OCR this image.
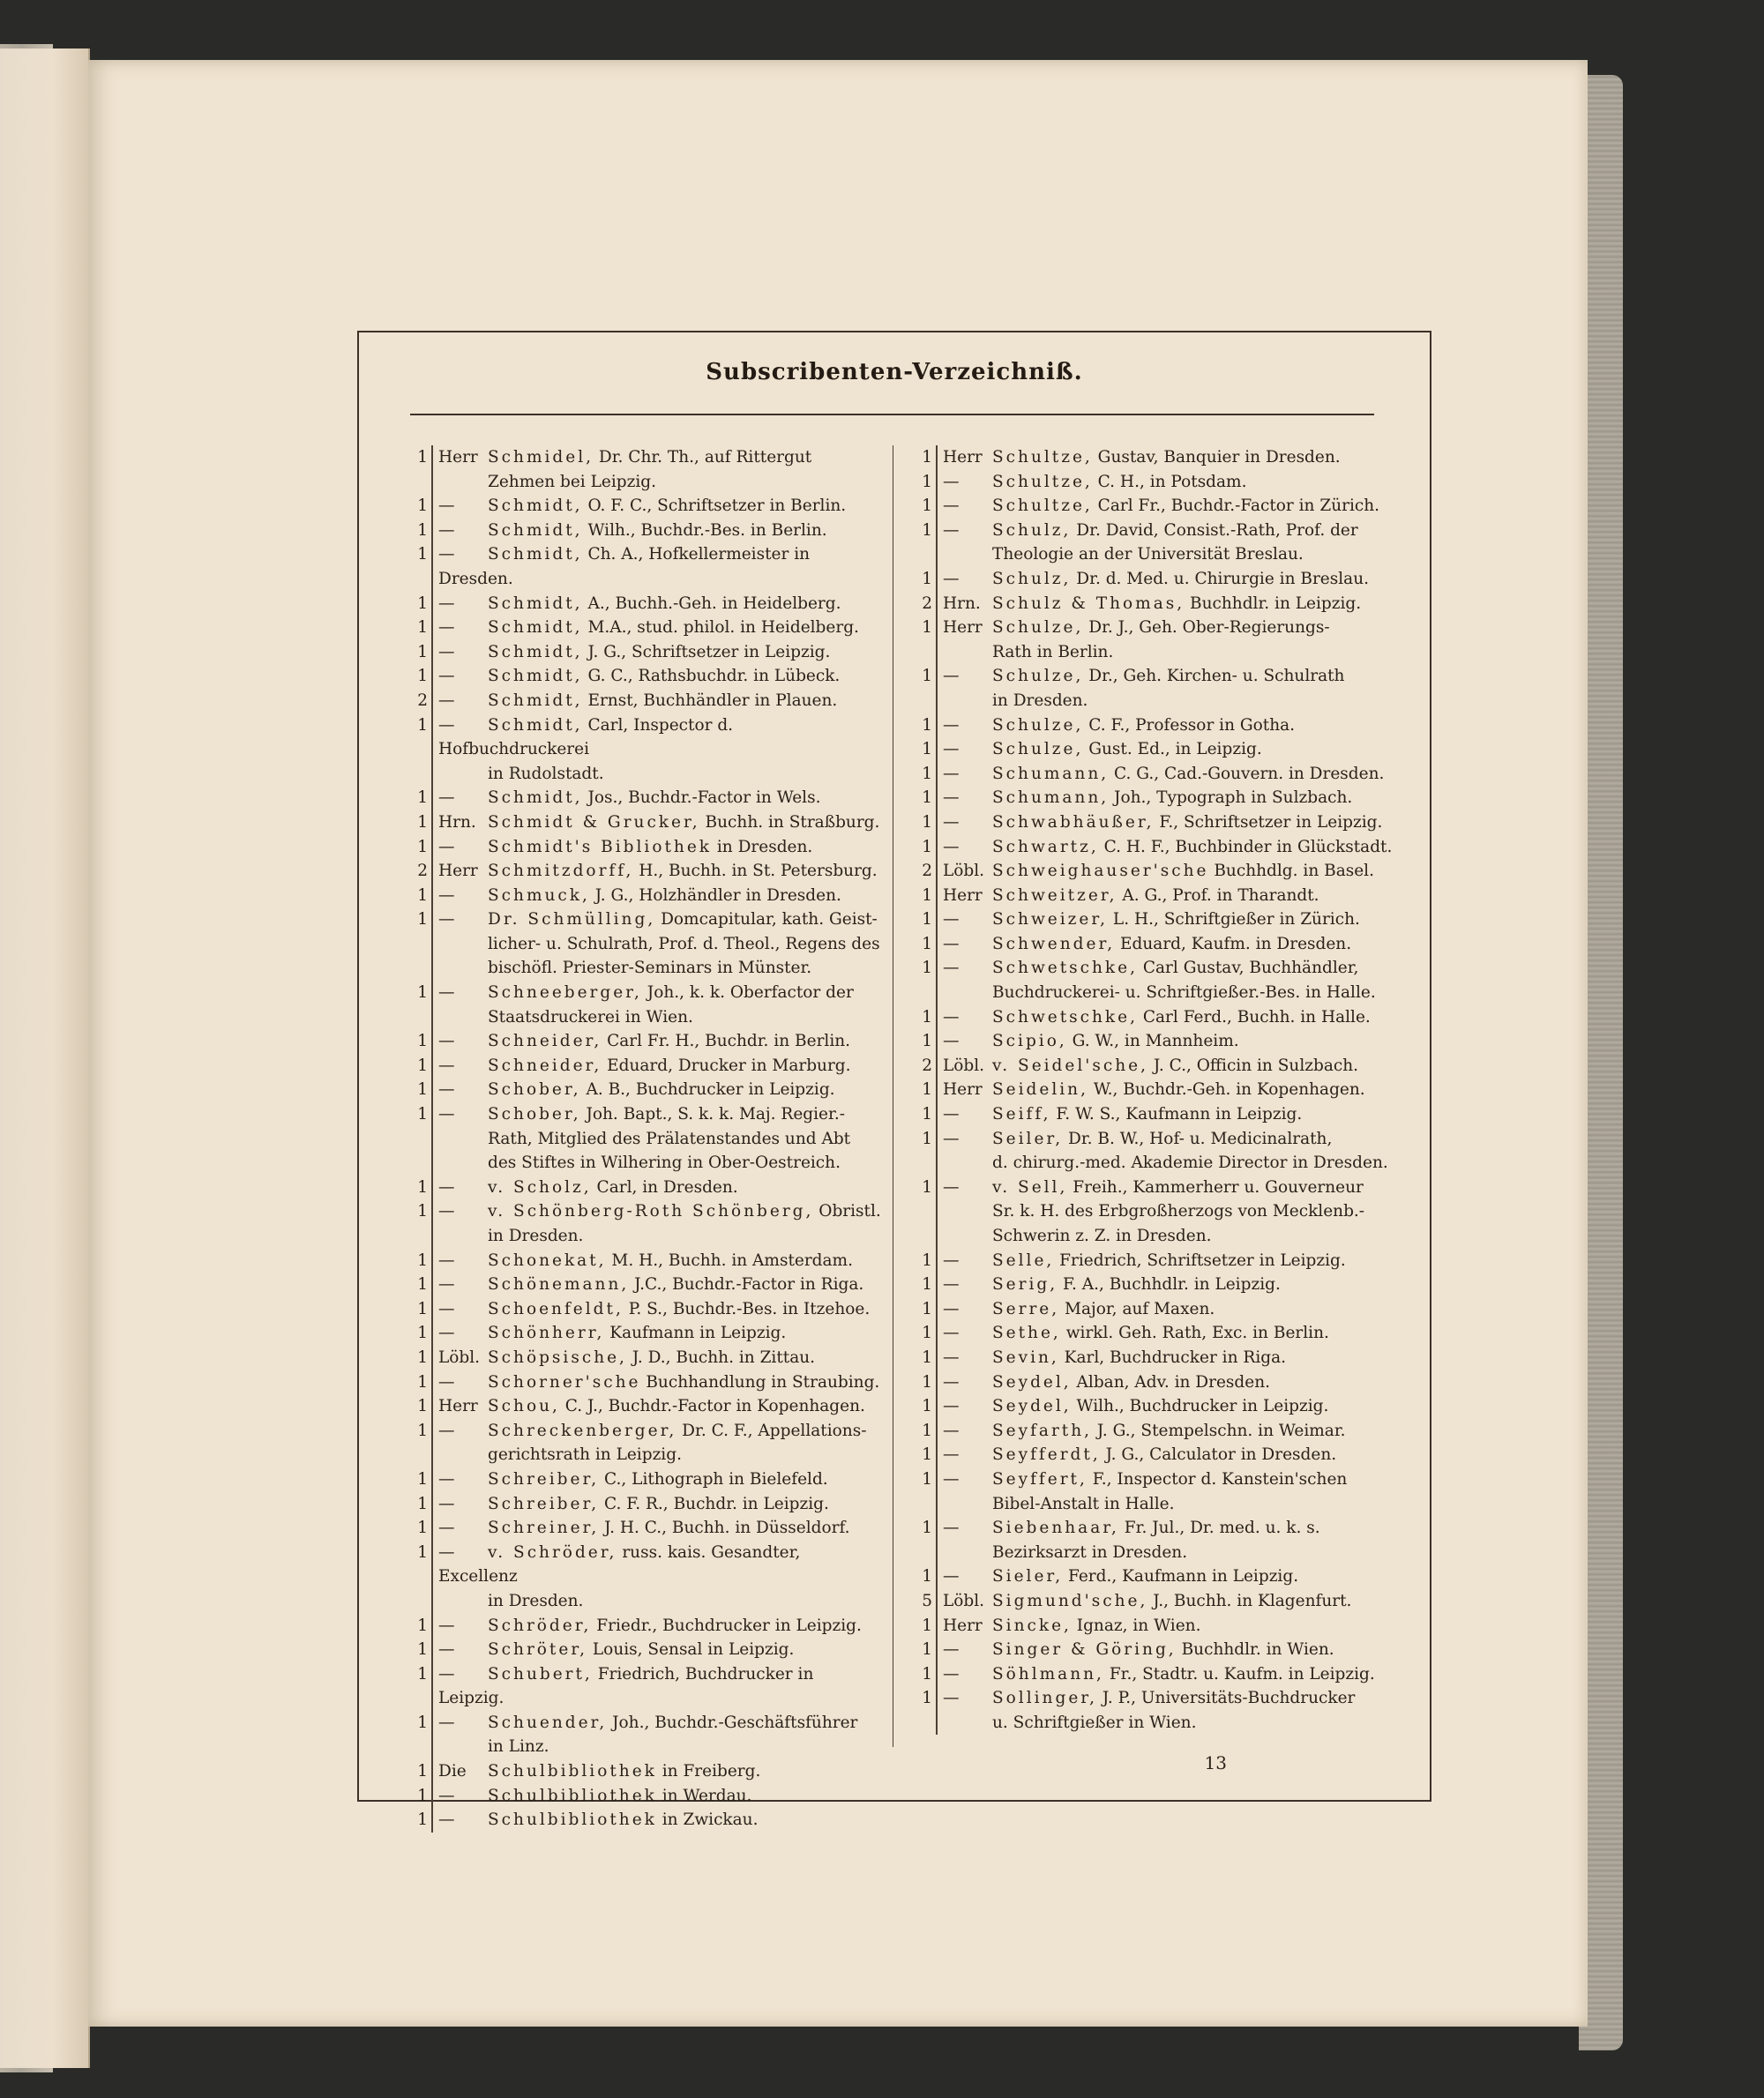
Subscribenten-Verzeichniß.
1 Herr Schmidel, Dr. Chr. Th., auf Rittergut
Zehmen bei Leipzig.
1 — Schmidt, O. F. C., Schriftsetzer in Berlin.
1 — Schmidt, Wilh., Buchdr.-Bes. in Berlin.
1 — Schmidt, Ch. A., Hofkellermeister in Dresden.
1 — Schmidt, A., Buchh.-Geh. in Heidelberg.
1 — Schmidt, M.A., stud. philol. in Heidelberg.
1 — Schmidt, J. G., Schriftsetzer in Leipzig.
1 — Schmidt, G. C., Rathsbuchdr. in Lübeck.
2 — Schmidt, Ernst, Buchhändler in Plauen.
1 — Schmidt, Carl, Inspector d. Hofbuchdruckerei
in Rudolstadt.
1 — Schmidt, Jos., Buchdr.-Factor in Wels.
1 Hrn. Schmidt & Grucker, Buchh. in Straßburg.
1 — Schmidt's Bibliothek in Dresden.
2 Herr Schmitzdorff, H., Buchh. in St. Petersburg.
1 — Schmuck, J. G., Holzhändler in Dresden.
1 — Dr. Schmülling, Domcapitular, kath. Geist-
licher- u. Schulrath, Prof. d. Theol., Regens des bischöfl. Priester-Seminars in Münster.
1 — Schneeberger, Joh., k. k. Oberfactor der
Staatsdruckerei in Wien.
1 — Schneider, Carl Fr. H., Buchdr. in Berlin.
1 — Schneider, Eduard, Drucker in Marburg.
1 — Schober, A. B., Buchdrucker in Leipzig.
1 — Schober, Joh. Bapt., S. k. k. Maj. Regier.-
Rath, Mitglied des Prälatenstandes und Abt des Stiftes in Wilhering in Ober-Oestreich.
1 — v. Scholz, Carl, in Dresden.
1 — v. Schönberg-Roth Schönberg, Obristl.
in Dresden.
1 — Schonekat, M. H., Buchh. in Amsterdam.
1 — Schönemann, J.C., Buchdr.-Factor in Riga.
1 — Schoenfeldt, P. S., Buchdr.-Bes. in Itzehoe.
1 — Schönherr, Kaufmann in Leipzig.
1 Löbl. Schöpsische, J. D., Buchh. in Zittau.
1 — Schorner'sche Buchhandlung in Straubing.
1 Herr Schou, C. J., Buchdr.-Factor in Kopenhagen.
1 — Schreckenberger, Dr. C. F., Appellations-
gerichtsrath in Leipzig.
1 — Schreiber, C., Lithograph in Bielefeld.
1 — Schreiber, C. F. R., Buchdr. in Leipzig.
1 — Schreiner, J. H. C., Buchh. in Düsseldorf.
1 — v. Schröder, russ. kais. Gesandter, Excellenz
in Dresden.
1 — Schröder, Friedr., Buchdrucker in Leipzig.
1 — Schröter, Louis, Sensal in Leipzig.
1 — Schubert, Friedrich, Buchdrucker in Leipzig.
1 — Schuender, Joh., Buchdr.-Geschäftsführer
in Linz.
1 Die Schulbibliothek in Freiberg.
1 — Schulbibliothek in Werdau.
1 — Schulbibliothek in Zwickau.
1 Herr Schultze, Gustav, Banquier in Dresden.
1 — Schultze, C. H., in Potsdam.
1 — Schultze, Carl Fr., Buchdr.-Factor in Zürich.
1 — Schulz, Dr. David, Consist.-Rath, Prof. der
Theologie an der Universität Breslau.
1 — Schulz, Dr. d. Med. u. Chirurgie in Breslau.
2 Hrn. Schulz & Thomas, Buchhdlr. in Leipzig.
1 Herr Schulze, Dr. J., Geh. Ober-Regierungs-
Rath in Berlin.
1 — Schulze, Dr., Geh. Kirchen- u. Schulrath
in Dresden.
1 — Schulze, C. F., Professor in Gotha.
1 — Schulze, Gust. Ed., in Leipzig.
1 — Schumann, C. G., Cad.-Gouvern. in Dresden.
1 — Schumann, Joh., Typograph in Sulzbach.
1 — Schwabhäußer, F., Schriftsetzer in Leipzig.
1 — Schwartz, C. H. F., Buchbinder in Glückstadt.
2 Löbl. Schweighauser'sche Buchhdlg. in Basel.
1 Herr Schweitzer, A. G., Prof. in Tharandt.
1 — Schweizer, L. H., Schriftgießer in Zürich.
1 — Schwender, Eduard, Kaufm. in Dresden.
1 — Schwetschke, Carl Gustav, Buchhändler,
Buchdruckerei- u. Schriftgießer.-Bes. in Halle.
1 — Schwetschke, Carl Ferd., Buchh. in Halle.
1 — Scipio, G. W., in Mannheim.
2 Löbl. v. Seidel'sche, J. C., Officin in Sulzbach.
1 Herr Seidelin, W., Buchdr.-Geh. in Kopenhagen.
1 — Seiff, F. W. S., Kaufmann in Leipzig.
1 — Seiler, Dr. B. W., Hof- u. Medicinalrath,
d. chirurg.-med. Akademie Director in Dresden.
1 — v. Sell, Freih., Kammerherr u. Gouverneur
Sr. k. H. des Erbgroßherzogs von Mecklenb.-Schwerin z. Z. in Dresden.
1 — Selle, Friedrich, Schriftsetzer in Leipzig.
1 — Serig, F. A., Buchhdlr. in Leipzig.
1 — Serre, Major, auf Maxen.
1 — Sethe, wirkl. Geh. Rath, Exc. in Berlin.
1 — Sevin, Karl, Buchdrucker in Riga.
1 — Seydel, Alban, Adv. in Dresden.
1 — Seydel, Wilh., Buchdrucker in Leipzig.
1 — Seyfarth, J. G., Stempelschn. in Weimar.
1 — Seyfferdt, J. G., Calculator in Dresden.
1 — Seyffert, F., Inspector d. Kanstein'schen
Bibel-Anstalt in Halle.
1 — Siebenhaar, Fr. Jul., Dr. med. u. k. s.
Bezirksarzt in Dresden.
1 — Sieler, Ferd., Kaufmann in Leipzig.
5 Löbl. Sigmund'sche, J., Buchh. in Klagenfurt.
1 Herr Sincke, Ignaz, in Wien.
1 — Singer & Göring, Buchhdlr. in Wien.
1 — Söhlmann, Fr., Stadtr. u. Kaufm. in Leipzig.
1 — Sollinger, J. P., Universitäts-Buchdrucker
u. Schriftgießer in Wien.
13
